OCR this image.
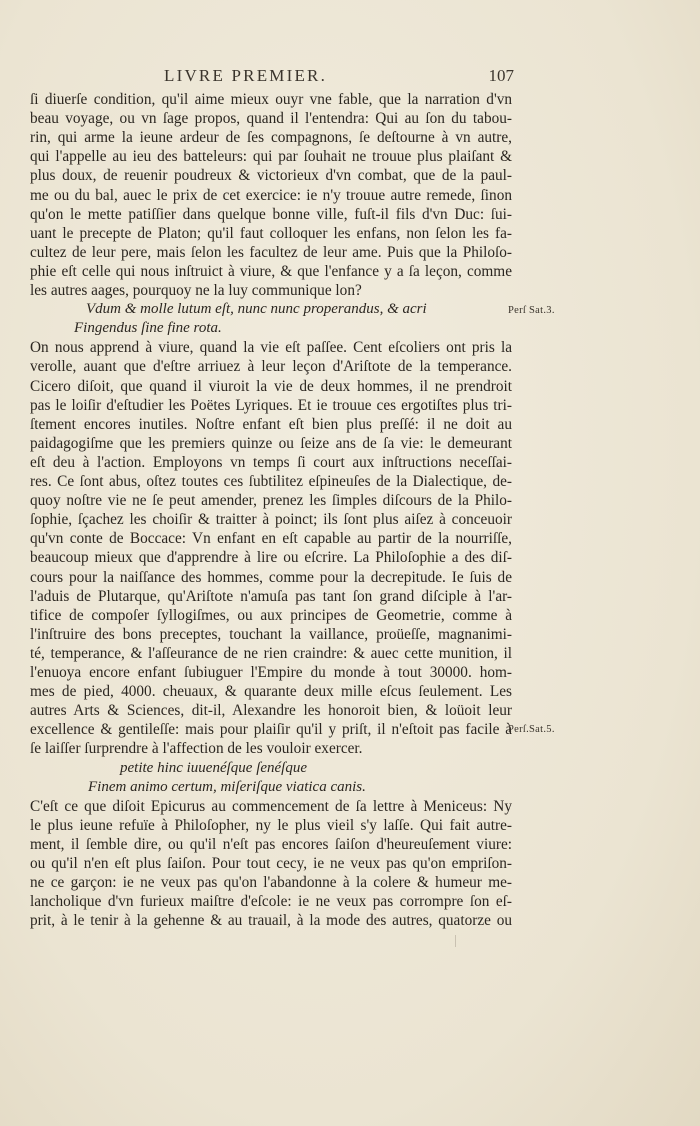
LIVRE PREMIER.	107
ſi diuerſe condition, qu'il aime mieux ouyr vne fable, que la narration d'vn
beau voyage, ou vn ſage propos, quand il l'entendra: Qui au ſon du tabou-
rin, qui arme la ieune ardeur de ſes compagnons, ſe deſtourne à vn autre,
qui l'appelle au ieu des batteleurs: qui par ſouhait ne trouue plus plaiſant &
plus doux, de reuenir poudreux & victorieux d'vn combat, que de la paul-
me ou du bal, auec le prix de cet exercice: ie n'y trouue autre remede, ſinon
qu'on le mette patiſſier dans quelque bonne ville, fuſt-il fils d'vn Duc: ſui-
uant le precepte de Platon; qu'il faut colloquer les enfans, non ſelon les fa-
cultez de leur pere, mais ſelon les facultez de leur ame. Puis que la Philoſo-
phie eſt celle qui nous inſtruict à viure, & que l'enfance y a ſa leçon, comme
les autres aages, pourquoy ne la luy communique lon?
Vdum & molle lutum eſt, nunc nunc properandus, & acri
Fingendus ſine fine rota.
On nous apprend à viure, quand la vie eſt paſſee. Cent eſcoliers ont pris la
verolle, auant que d'eſtre arriuez à leur leçon d'Ariſtote de la temperance.
Cicero diſoit, que quand il viuroit la vie de deux hommes, il ne prendroit
pas le loiſir d'eſtudier les Poëtes Lyriques. Et ie trouue ces ergotiſtes plus tri-
ſtement encores inutiles. Noſtre enfant eſt bien plus preſſé: il ne doit au
paidagogiſme que les premiers quinze ou ſeize ans de ſa vie: le demeurant
eſt deu à l'action. Employons vn temps ſi court aux inſtructions neceſſai-
res. Ce ſont abus, oſtez toutes ces ſubtilitez eſpineuſes de la Dialectique, de-
quoy noſtre vie ne ſe peut amender, prenez les ſimples diſcours de la Philo-
ſophie, ſçachez les choiſir & traitter à poinct; ils ſont plus aiſez à conceuoir
qu'vn conte de Boccace: Vn enfant en eſt capable au partir de la nourriſſe,
beaucoup mieux que d'apprendre à lire ou eſcrire. La Philoſophie a des diſ-
cours pour la naiſſance des hommes, comme pour la decrepitude. Ie ſuis de
l'aduis de Plutarque, qu'Ariſtote n'amuſa pas tant ſon grand diſciple à l'ar-
tifice de compoſer ſyllogiſmes, ou aux principes de Geometrie, comme à
l'inſtruire des bons preceptes, touchant la vaillance, proüeſſe, magnanimi-
té, temperance, & l'aſſeurance de ne rien craindre: & auec cette munition, il
l'enuoya encore enfant ſubiuguer l'Empire du monde à tout 30000. hom-
mes de pied, 4000. cheuaux, & quarante deux mille eſcus ſeulement. Les
autres Arts & Sciences, dit-il, Alexandre les honoroit bien, & loüoit leur
excellence & gentileſſe: mais pour plaiſir qu'il y priſt, il n'eſtoit pas facile à
ſe laiſſer ſurprendre à l'affection de les vouloir exercer.
petite hinc iuuenéſque ſenéſque
Finem animo certum, miſeriſque viatica canis.
C'eſt ce que diſoit Epicurus au commencement de ſa lettre à Meniceus: Ny
le plus ieune refuïe à Philoſopher, ny le plus vieil s'y laſſe. Qui fait autre-
ment, il ſemble dire, ou qu'il n'eſt pas encores ſaiſon d'heureuſement viure:
ou qu'il n'en eſt plus ſaiſon. Pour tout cecy, ie ne veux pas qu'on empriſon-
ne ce garçon: ie ne veux pas qu'on l'abandonne à la colere & humeur me-
lancholique d'vn furieux maiſtre d'eſcole: ie ne veux pas corrompre ſon eſ-
prit, à le tenir à la gehenne & au trauail, à la mode des autres, quatorze ou
Perſ Sat.3.
Perſ.Sat.5.
